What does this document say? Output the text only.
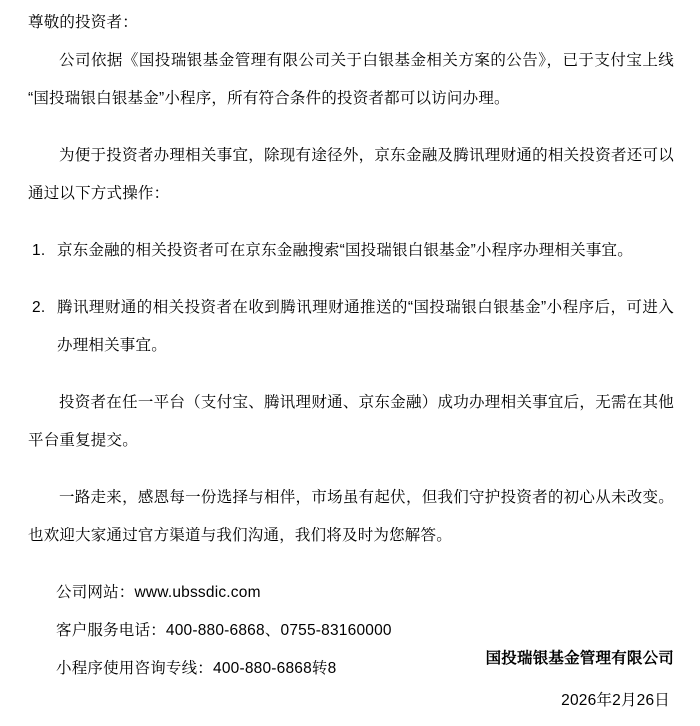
尊敬的投资者：

公司依据《国投瑞银基金管理有限公司关于白银基金相关方案的公告》，已于支付宝上线“国投瑞银白银基金”小程序，所有符合条件的投资者都可以访问办理。

为便于投资者办理相关事宜，除现有途径外，京东金融及腾讯理财通的相关投资者还可以通过以下方式操作：

1. 京东金融的相关投资者可在京东金融搜索“国投瑞银白银基金”小程序办理相关事宜。
2. 腾讯理财通的相关投资者在收到腾讯理财通推送的“国投瑞银白银基金”小程序后，可进入办理相关事宜。

投资者在任一平台（支付宝、腾讯理财通、京东金融）成功办理相关事宜后，无需在其他平台重复提交。

一路走来，感恩每一份选择与相伴，市场虽有起伏，但我们守护投资者的初心从未改变。也欢迎大家通过官方渠道与我们沟通，我们将及时为您解答。

公司网站：www.ubssdic.com

客户服务电话：400-880-6868、0755-83160000

小程序使用咨询专线：400-880-6868转8

国投瑞银基金管理有限公司

2026年2月26日
